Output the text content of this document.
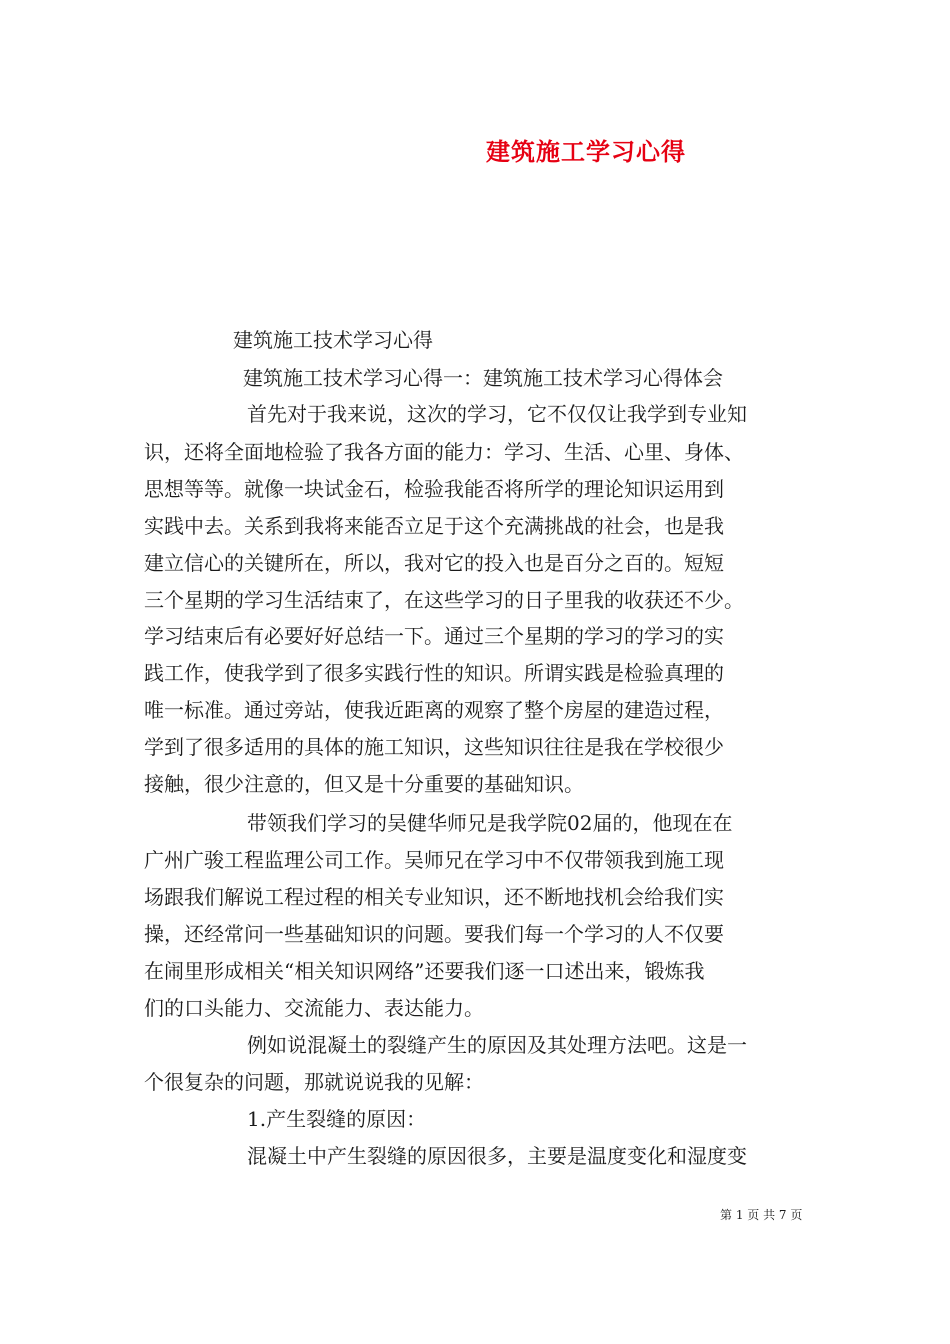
建筑施工学习心得
建筑施工技术学习心得
建筑施工技术学习心得一：建筑施工技术学习心得体会
首先对于我来说，这次的学习，它不仅仅让我学到专业知
识，还将全面地检验了我各方面的能力：学习、生活、心里、身体、
思想等等。就像一块试金石，检验我能否将所学的理论知识运用到
实践中去。关系到我将来能否立足于这个充满挑战的社会，也是我
建立信心的关键所在，所以，我对它的投入也是百分之百的。短短
三个星期的学习生活结束了，在这些学习的日子里我的收获还不少。
学习结束后有必要好好总结一下。通过三个星期的学习的学习的实
践工作，使我学到了很多实践行性的知识。所谓实践是检验真理的
唯一标准。通过旁站，使我近距离的观察了整个房屋的建造过程，
学到了很多适用的具体的施工知识，这些知识往往是我在学校很少
接触，很少注意的，但又是十分重要的基础知识。
带领我们学习的吴健华师兄是我学院02届的，他现在在
广州广骏工程监理公司工作。吴师兄在学习中不仅带领我到施工现
场跟我们解说工程过程的相关专业知识，还不断地找机会给我们实
操，还经常问一些基础知识的问题。要我们每一个学习的人不仅要
在闹里形成相关“相关知识网络”还要我们逐一口述出来，锻炼我
们的口头能力、交流能力、表达能力。
例如说混凝土的裂缝产生的原因及其处理方法吧。这是一
个很复杂的问题，那就说说我的见解：
1.产生裂缝的原因：
混凝土中产生裂缝的原因很多，主要是温度变化和湿度变
第 1 页 共 7 页
